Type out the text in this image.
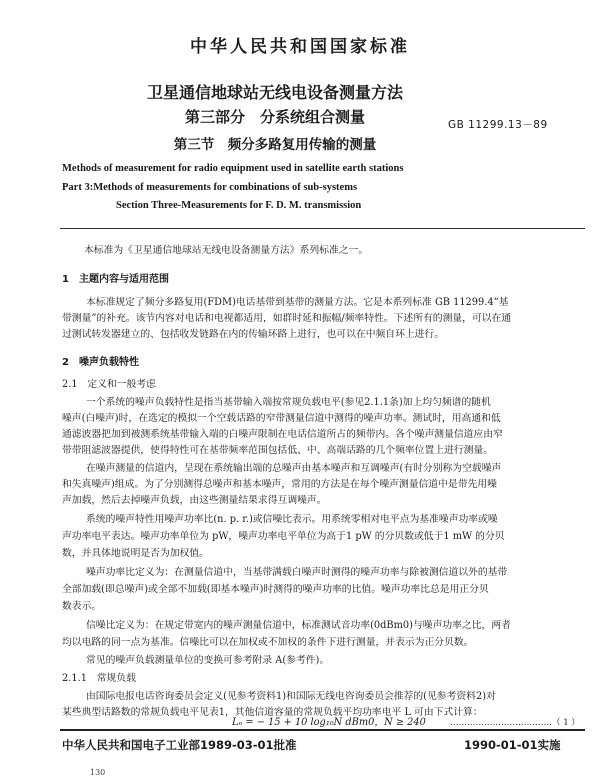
中华人民共和国国家标准
卫星通信地球站无线电设备测量方法
第三部分　分系统组合测量
第三节　频分多路复用传输的测量
GB 11299.13－89
Methods of measurement for radio equipment used in satellite earth stations
Part 3:Methods of measurements for combinations of sub-systems
Section Three-Measurements for F. D. M. transmission
本标准为《卫星通信地球站无线电设备测量方法》系列标准之一。
1　主题内容与适用范围
本标准规定了频分多路复用(FDM)电话基带到基带的测量方法。它是本系列标准 GB 11299.4“基
带测量”的补充。该节内容对电话和电视都适用，如群时延和振幅/频率特性。下述所有的测量，可以在通
过测试转发器建立的、包括收发链路在内的传输环路上进行，也可以在中频自环上进行。
2　噪声负载特性
2.1　定义和一般考虑
一个系统的噪声负载特性是指当基带输入端按常规负载电平(参见2.1.1条)加上均匀频谱的随机
噪声(白噪声)时，在选定的模拟一个空载话路的窄带测量信道中测得的噪声功率。测试时，用高通和低
通滤波器把加到被测系统基带输入端的白噪声限制在电话信道所占的频带内。各个噪声测量信道应由窄
带带阻滤波器提供，使得特性可在基带频率范围包括低、中、高端话路的几个频率位置上进行测量。
在噪声测量的信道内，呈现在系统输出端的总噪声由基本噪声和互调噪声(有时分别称为空载噪声
和失真噪声)组成。为了分别测得总噪声和基本噪声，常用的方法是在每个噪声测量信道中是带先用噪
声加载，然后去掉噪声负载，由这些测量结果求得互调噪声。
系统的噪声特性用噪声功率比(n. p. r.)或信噪比表示。用系统零相对电平点为基准噪声功率或噪
声功率电平表达。噪声功率单位为 pW，噪声功率电平单位为高于1 pW 的分贝数或低于1 mW 的分贝
数，并具体地说明是否为加权值。
噪声功率比定义为：在测量信道中，当基带满载白噪声时测得的噪声功率与除被测信道以外的基带
全部加载(即总噪声)或全部不加载(即基本噪声)时测得的噪声功率的比值。噪声功率比总是用正分贝
数表示。
信噪比定义为：在规定带宽内的噪声测量信道中，标准测试音功率(0dBm0)与噪声功率之比，两者
均以电路的同一点为基准。信噪比可以在加权或不加权的条件下进行测量，并表示为正分贝数。
常见的噪声负载测量单位的变换可参考附录 A(参考件)。
2.1.1　常规负载
由国际电报电话咨询委员会定义(见参考资料1)和国际无线电咨询委员会推荐的(见参考资料2)对
某些典型话路数的常规负载电平见表1，其他信道容量的常规负载平均功率电平 L 可由下式计算：
Lₒ = − 15 + 10 log₁₀N dBm0，N ≥ 240	………………………………（ 1 ）
中华人民共和国电子工业部1989-03-01批准	1990-01-01实施
130
